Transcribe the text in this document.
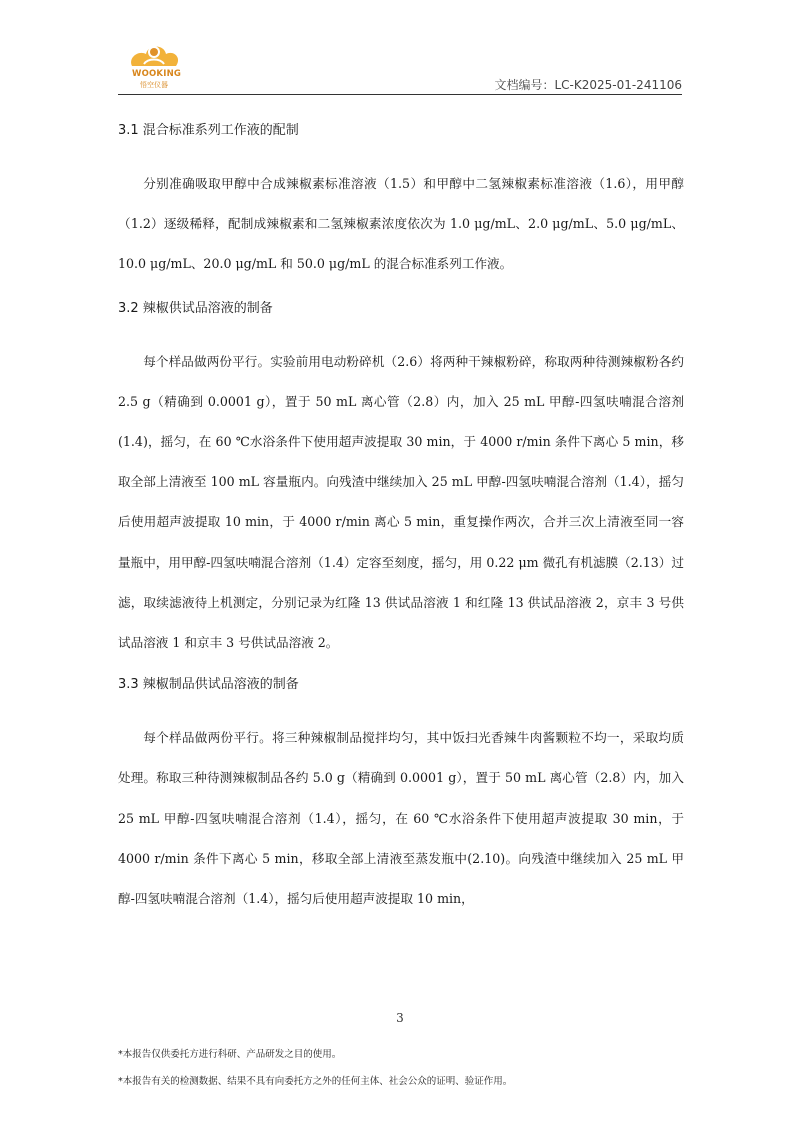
WOOKING
悟空仪器	文档编号：LC-K2025-01-241106

3.1 混合标准系列工作液的配制

分别准确吸取甲醇中合成辣椒素标准溶液（1.5）和甲醇中二氢辣椒素标准溶液（1.6），用甲醇（1.2）逐级稀释，配制成辣椒素和二氢辣椒素浓度依次为 1.0 μg/mL、2.0 μg/mL、5.0 μg/mL、10.0 μg/mL、20.0 μg/mL 和 50.0 μg/mL 的混合标准系列工作液。

3.2 辣椒供试品溶液的制备

每个样品做两份平行。实验前用电动粉碎机（2.6）将两种干辣椒粉碎，称取两种待测辣椒粉各约 2.5 g（精确到 0.0001 g），置于 50 mL 离心管（2.8）内，加入 25 mL 甲醇-四氢呋喃混合溶剂(1.4)，摇匀，在 60 ℃水浴条件下使用超声波提取 30 min，于 4000 r/min 条件下离心 5 min，移取全部上清液至 100 mL 容量瓶内。向残渣中继续加入 25 mL 甲醇-四氢呋喃混合溶剂（1.4），摇匀后使用超声波提取 10 min，于 4000 r/min 离心 5 min，重复操作两次，合并三次上清液至同一容量瓶中，用甲醇-四氢呋喃混合溶剂（1.4）定容至刻度，摇匀，用 0.22 μm 微孔有机滤膜（2.13）过滤，取续滤液待上机测定，分别记录为红隆 13 供试品溶液 1 和红隆 13 供试品溶液 2，京丰 3 号供试品溶液 1 和京丰 3 号供试品溶液 2。

3.3 辣椒制品供试品溶液的制备

每个样品做两份平行。将三种辣椒制品搅拌均匀，其中饭扫光香辣牛肉酱颗粒不均一，采取均质处理。称取三种待测辣椒制品各约 5.0 g（精确到 0.0001 g），置于 50 mL 离心管（2.8）内，加入 25 mL 甲醇-四氢呋喃混合溶剂（1.4），摇匀，在 60 ℃水浴条件下使用超声波提取 30 min，于 4000 r/min 条件下离心 5 min，移取全部上清液至蒸发瓶中(2.10)。向残渣中继续加入 25 mL 甲醇-四氢呋喃混合溶剂（1.4），摇匀后使用超声波提取 10 min，

3
*本报告仅供委托方进行科研、产品研发之目的使用。
*本报告有关的检测数据、结果不具有向委托方之外的任何主体、社会公众的证明、验证作用。
